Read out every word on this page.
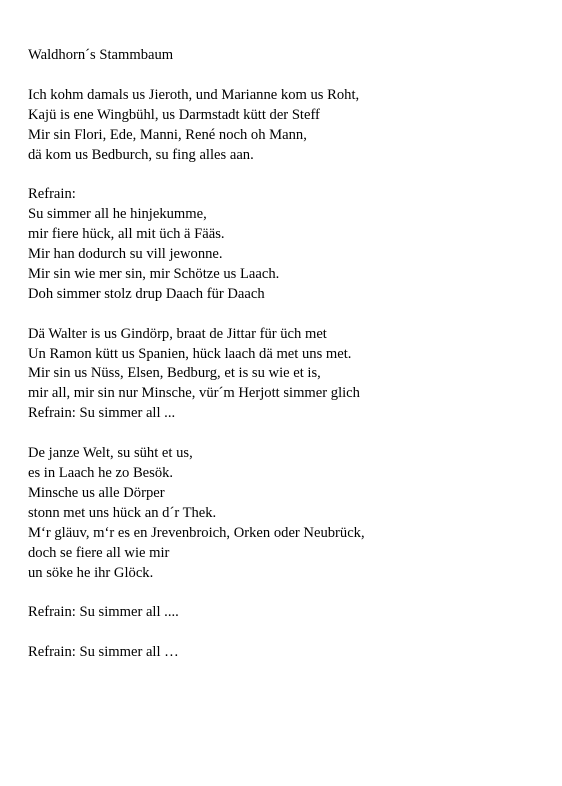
Waldhorn´s Stammbaum
Ich kohm damals us Jieroth, und Marianne kom us Roht,
Kajü is ene Wingbühl, us Darmstadt kütt der Steff
Mir sin Flori, Ede, Manni, René noch oh Mann,
dä kom us Bedburch, su fing alles aan.
Refrain:
Su simmer all he hinjekumme,
mir fiere hück, all mit üch ä Fääs.
Mir han dodurch su vill jewonne.
Mir sin wie mer sin, mir Schötze us Laach.
Doh simmer stolz drup Daach für Daach
Dä Walter is us Gindörp, braat de Jittar für üch met
Un Ramon kütt us Spanien, hück laach dä met uns met.
Mir sin us Nüss, Elsen, Bedburg, et is su wie et is,
mir all, mir sin nur Minsche, vür´m Herjott simmer glich
Refrain: Su simmer all ...
De janze Welt, su süht et us,
es in Laach he zo Besök.
Minsche us alle Dörper
stonn met uns hück an d´r Thek.
M‘r gläuv, m‘r es en Jrevenbroich, Orken oder Neubrück,
doch se fiere all wie mir
un söke he ihr Glöck.
Refrain: Su simmer all ....
Refrain: Su simmer all …
